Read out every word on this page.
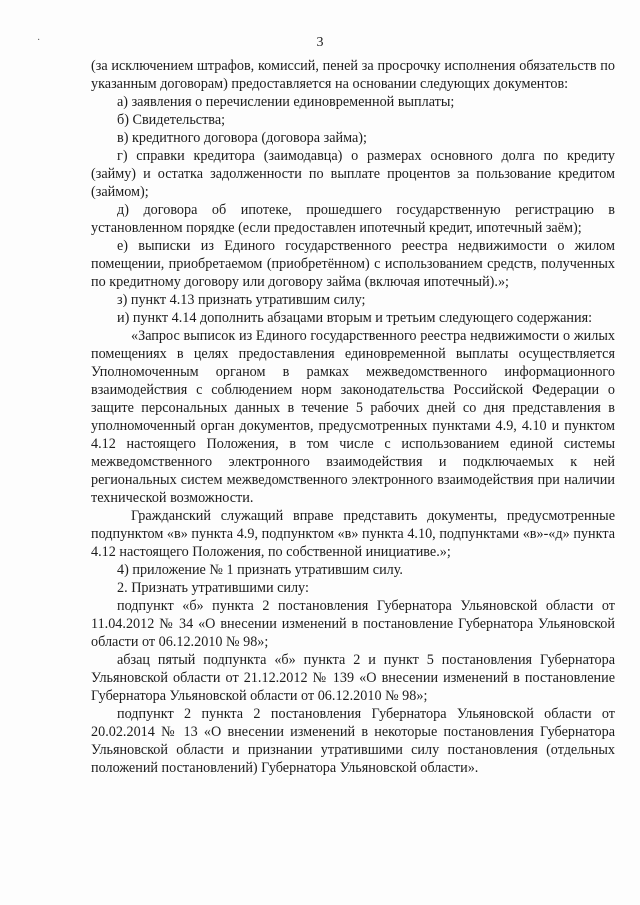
·	3

(за исключением штрафов, комиссий, пеней за просрочку исполнения обязательств по указанным договорам) предоставляется на основании следующих документов:

а) заявления о перечислении единовременной выплаты;

б) Свидетельства;

в) кредитного договора (договора займа);

г) справки кредитора (заимодавца) о размерах основного долга по кредиту (займу) и остатка задолженности по выплате процентов за пользование кредитом (займом);

д) договора об ипотеке, прошедшего государственную регистрацию в установленном порядке (если предоставлен ипотечный кредит, ипотечный заём);

е) выписки из Единого государственного реестра недвижимости о жилом помещении, приобретаемом (приобретённом) с использованием средств, полученных по кредитному договору или договору займа (включая ипотечный).»;

з) пункт 4.13 признать утратившим силу;

и) пункт 4.14 дополнить абзацами вторым и третьим следующего содержания:

«Запрос выписок из Единого государственного реестра недвижимости о жилых помещениях в целях предоставления единовременной выплаты осуществляется Уполномоченным органом в рамках межведомственного информационного взаимодействия с соблюдением норм законодательства Российской Федерации о защите персональных данных в течение 5 рабочих дней со дня представления в уполномоченный орган документов, предусмотренных пунктами 4.9, 4.10 и пунктом 4.12 настоящего Положения, в том числе с использованием единой системы межведомственного электронного взаимодействия и подключаемых к ней региональных систем межведомственного электронного взаимодействия при наличии технической возможности.

Гражданский служащий вправе представить документы, предусмотренные подпунктом «в» пункта 4.9, подпунктом «в» пункта 4.10, подпунктами «в»-«д» пункта 4.12 настоящего Положения, по собственной инициативе.»;

4) приложение № 1 признать утратившим силу.

2. Признать утратившими силу:

подпункт «б» пункта 2 постановления Губернатора Ульяновской области от 11.04.2012 № 34 «О внесении изменений в постановление Губернатора Ульяновской области от 06.12.2010 № 98»;

абзац пятый подпункта «б» пункта 2 и пункт 5 постановления Губернатора Ульяновской области от 21.12.2012 № 139 «О внесении изменений в постановление Губернатора Ульяновской области от 06.12.2010 № 98»;

подпункт 2 пункта 2 постановления Губернатора Ульяновской области от 20.02.2014 № 13 «О внесении изменений в некоторые постановления Губернатора Ульяновской области и признании утратившими силу постановления (отдельных положений постановлений) Губернатора Ульяновской области».
